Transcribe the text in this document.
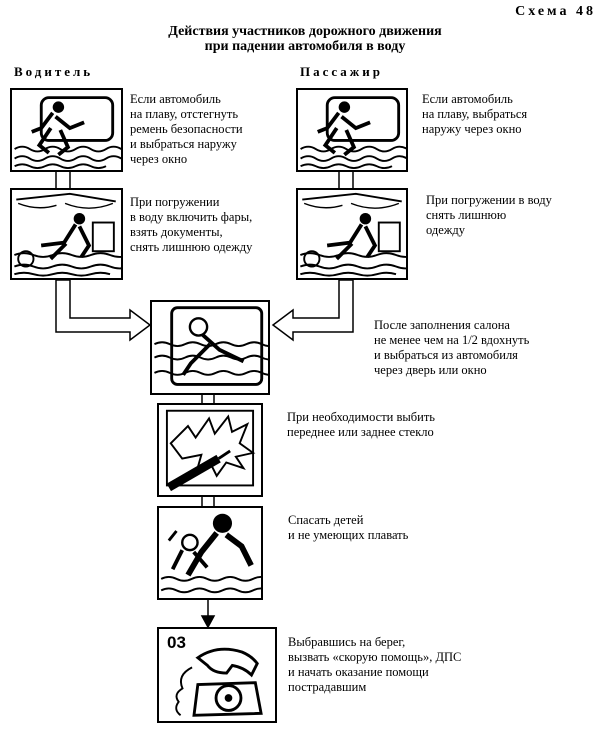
Схема 48
Действия участников дорожного движения
при падении автомобиля в воду
Водитель	Пассажир
Если автомобиль
на плаву, отстегнуть
ремень безопасности
и выбраться наружу
через окно
При погружении
в воду включить фары,
взять документы,
снять лишнюю одежду
Если автомобиль
на плаву, выбраться
наружу через окно
При погружении в воду
снять лишнюю
одежду
После заполнения салона
не менее чем на 1/2 вдохнуть
и выбраться из автомобиля
через дверь или окно
При необходимости выбить
переднее или заднее стекло
Спасать детей
и не умеющих плавать
03	Выбравшись на берег,
вызвать «скорую помощь», ДПС
и начать оказание помощи
пострадавшим
